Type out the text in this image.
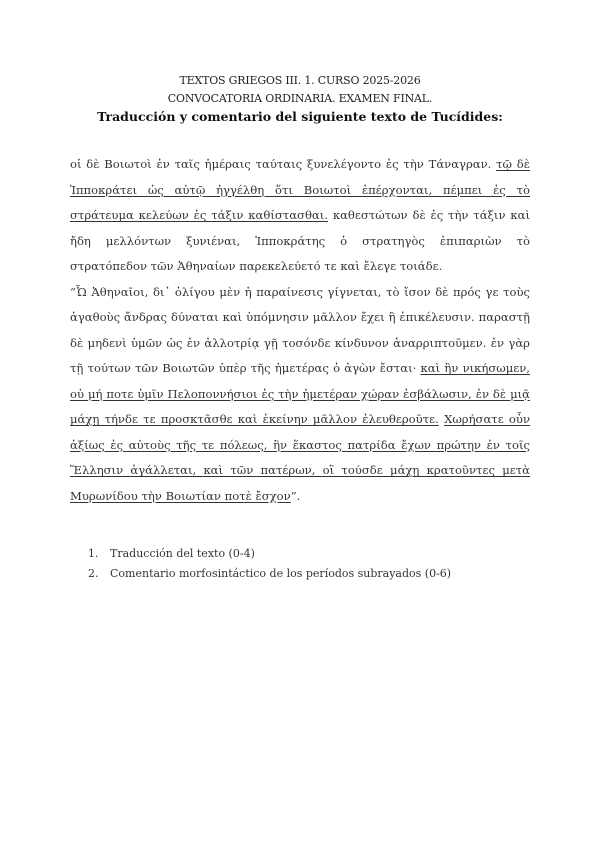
TEXTOS GRIEGOS III. 1. CURSO 2025-2026
CONVOCATORIA ORDINARIA. EXAMEN FINAL.
Traducción y comentario del siguiente texto de Tucídides:

οἱ δὲ Βοιωτοὶ ἐν ταῖς ἡμέραις ταύταις ξυνελέγοντο ἐς τὴν Τάναγραν. τῷ δὲ Ἱπποκράτει ὡς αὐτῷ ἠγγέλθη ὅτι Βοιωτοὶ ἐπέρχονται, πέμπει ἐς τὸ στράτευμα κελεύων ἐς τάξιν καθίστασθαι. καθεστώτων δὲ ἐς τὴν τάξιν καὶ ἤδη μελλόντων ξυνιέναι, Ἱπποκράτης ὁ στρατηγὸς ἐπιπαριὼν τὸ στρατόπεδον τῶν Ἀθηναίων παρεκελεύετό τε καὶ ἔλεγε τοιάδε.

“Ὦ Ἀθηναῖοι, δι᾽ ὀλίγου μὲν ἡ παραίνεσις γίγνεται, τὸ ἴσον δὲ πρός γε τοὺς ἀγαθοὺς ἄνδρας δύναται καὶ ὑπόμνησιν μᾶλλον ἔχει ἢ ἐπικέλευσιν. παραστῇ δὲ μηδενὶ ὑμῶν ὡς ἐν ἀλλοτρίᾳ γῇ τοσόνδε κίνδυνον ἀναρριπτοῦμεν. ἐν γὰρ τῇ τούτων τῶν Βοιωτῶν ὑπὲρ τῆς ἡμετέρας ὁ ἀγὼν ἔσται· καὶ ἢν νικήσωμεν, οὐ μή ποτε ὑμῖν Πελοποννήσιοι ἐς τὴν ἡμετέραν χώραν ἐσβάλωσιν, ἐν δὲ μιᾷ μάχῃ τήνδε τε προσκτᾶσθε καὶ ἐκείνην μᾶλλον ἐλευθεροῦτε. Χωρήσατε οὖν ἀξίως ἐς αὐτοὺς τῆς τε πόλεως, ἣν ἕκαστος πατρίδα ἔχων πρώτην ἐν τοῖς Ἕλλησιν ἀγάλλεται, καὶ τῶν πατέρων, οἳ τούσδε μάχῃ κρατοῦντες μετὰ Μυρωνίδου τὴν Βοιωτίαν ποτὲ ἔσχον”.

1.	Traducción del texto (0-4)
2.	Comentario morfosintáctico de los períodos subrayados (0-6)
